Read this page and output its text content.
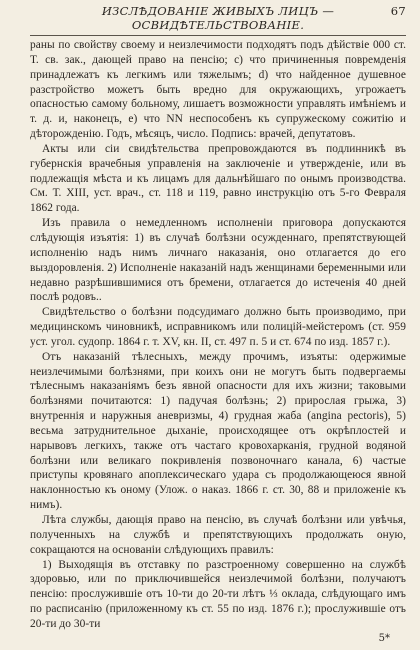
ИЗСЛѢДОВАНІЕ ЖИВЫХЪ ЛИЦЪ — ОСВИДѢТЕЛЬСТВОВАНІЕ.
67

раны по свойству своему и неизлечимости подходятъ подъ дѣйствіе 000 ст. Т. св. зак., дающей право на пенсію; с) что причиненныя повремденія принадлежатъ къ легкимъ или тяжелымъ; d) что найденное душевное разстройство можетъ быть вредно для окружающихъ, угрожаетъ опасностью самому больному, лишаетъ возможности управлять имѣніемъ и т. д. и, наконецъ, е) что NN неспособенъ къ супружескому сожитію и дѣторожденію. Годъ, мѣсяцъ, число. Подпись: врачей, депутатовъ.

Акты или сіи свидѣтельства препровождаются въ подлинникѣ въ губернскія врачебныя управленія на заключеніе и утвержденіе, или въ подлежащія мѣста и къ лицамъ для дальнѣйшаго по онымъ производства. См. Т. XIII, уст. врач., ст. 118 и 119, равно инструкцію отъ 5-го Февраля 1862 года.

Изъ правила о немедленномъ исполненіи приговора допускаются слѣдующія изъятія: 1) въ случаѣ болѣзни осужденнаго, препятствующей исполненію надъ нимъ личнаго наказанія, оно отлагается до его выздоровленія. 2) Исполненіе наказаній надъ женщинами беременными или недавно разрѣшившимися отъ бремени, отлагается до истеченія 40 дней послѣ родовъ..

Свидѣтельство о болѣзни подсудимаго должно быть производимо, при медицинскомъ чиновникѣ, исправникомъ или полицій-мейстеромъ (ст. 959 уст. угол. судопр. 1864 г. т. XV, кн. II, ст. 497 п. 5 и ст. 674 по изд. 1857 г.).

Отъ наказаній тѣлесныхъ, между прочимъ, изъяты: одержимые неизлечимыми болѣзнями, при коихъ они не могутъ быть подвергаемы тѣлеснымъ наказаніямъ безъ явной опасности для ихъ жизни; таковыми болѣзнями почитаются: 1) падучая болѣзнь; 2) прирослая грыжа, 3) внутреннія и наружныя аневризмы, 4) грудная жаба (angina pectoris), 5) весьма затруднительное дыханіе, происходящее отъ окрѣплостей и нарывовъ легкихъ, также отъ частаго кровохарканія, грудной водяной болѣзни или великаго покривленія позвоночнаго канала, 6) частые приступы кровянаго апоплексическаго удара съ продолжающеюся явной наклонностью къ оному (Улож. о наказ. 1866 г. ст. 30, 88 и приложеніе къ нимъ).

Лѣта службы, дающія право на пенсію, въ случаѣ болѣзни или увѣчья, полученныхъ на службѣ и препятствующихъ продолжать оную, сокращаются на основаніи слѣдующихъ правилъ:

1) Выходящія въ отставку по разстроенному совершенно на службѣ здоровью, или по приключившейся неизлечимой болѣзни, получаютъ пенсію: прослужившіе отъ 10-ти до 20-ти лѣтъ ⅓ оклада, слѣдующаго имъ по расписанію (приложенному къ ст. 55 по изд. 1876 г.); прослужившіе отъ 20-ти до 30-ти

5*
